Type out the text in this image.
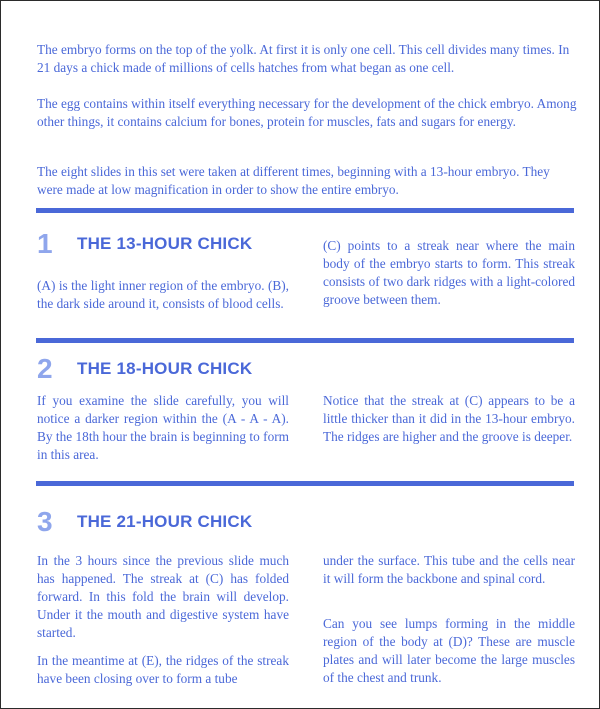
The embryo forms on the top of the yolk. At first it is only one cell. This cell divides many times. In 21 days a chick made of millions of cells hatches from what began as one cell.

The egg contains within itself everything necessary for the development of the chick embryo. Among other things, it contains calcium for bones, protein for muscles, fats and sugars for energy.

The eight slides in this set were taken at different times, beginning with a 13-hour embryo. They were made at low magnification in order to show the entire embryo.

1 THE 13-HOUR CHICK

(A) is the light inner region of the embryo. (B), the dark side around it, consists of blood cells.

(C) points to a streak near where the main body of the embryo starts to form. This streak consists of two dark ridges with a light-colored groove between them.

2 THE 18-HOUR CHICK

If you examine the slide carefully, you will notice a darker region within the (A - A - A). By the 18th hour the brain is beginning to form in this area.

Notice that the streak at (C) appears to be a little thicker than it did in the 13-hour embryo. The ridges are higher and the groove is deeper.

3 THE 21-HOUR CHICK

In the 3 hours since the previous slide much has happened. The streak at (C) has folded forward. In this fold the brain will develop. Under it the mouth and digestive system have started.

In the meantime at (E), the ridges of the streak have been closing over to form a tube

under the surface. This tube and the cells near it will form the backbone and spinal cord.

Can you see lumps forming in the middle region of the body at (D)? These are muscle plates and will later become the large muscles of the chest and trunk.
